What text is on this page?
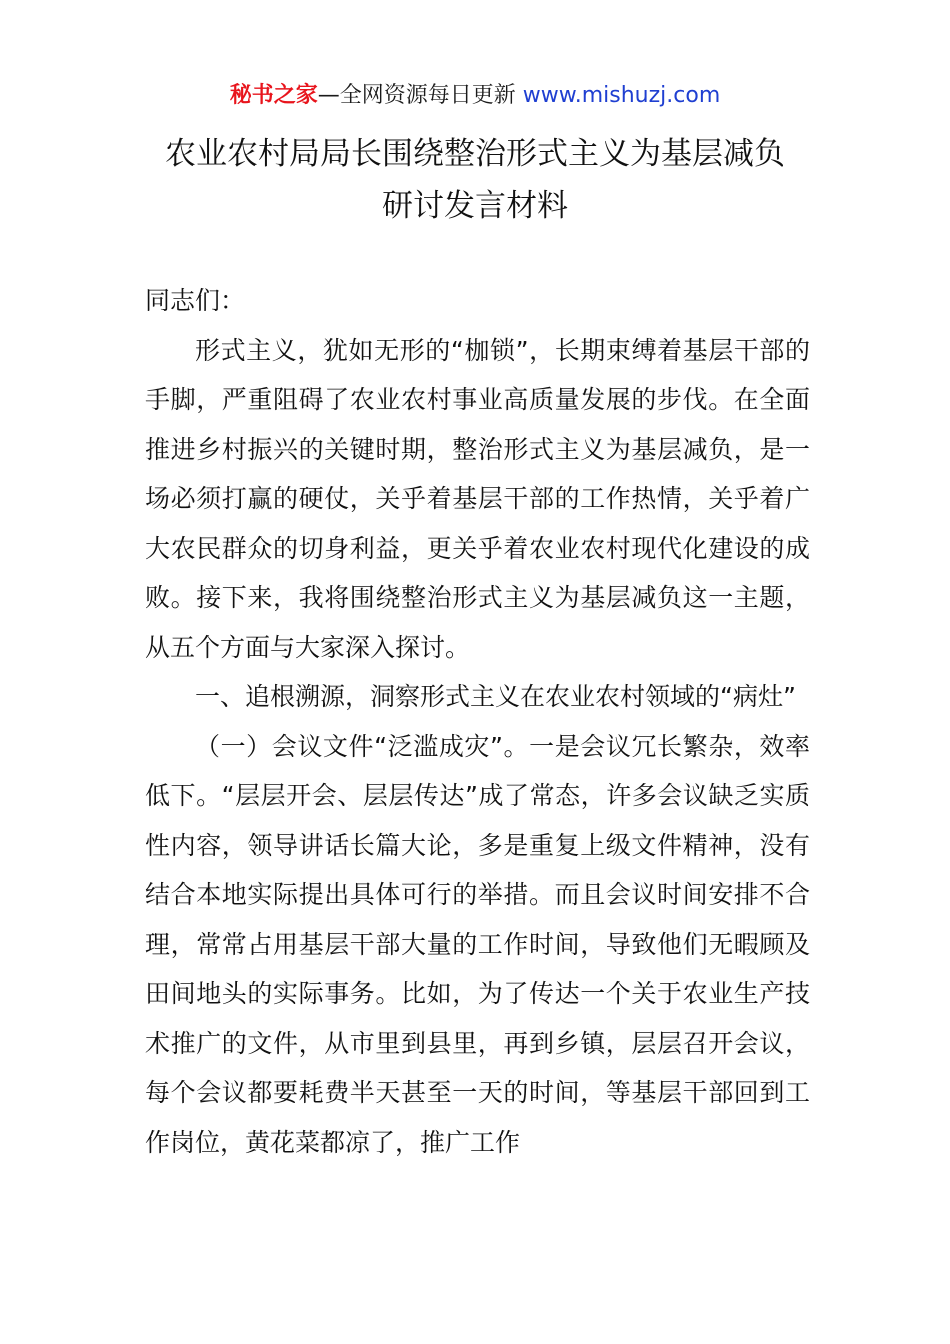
秘书之家—全网资源每日更新 www.mishuzj.com
农业农村局局长围绕整治形式主义为基层减负
研讨发言材料

同志们：

形式主义，犹如无形的“枷锁”，长期束缚着基层干部的手脚，严重阻碍了农业农村事业高质量发展的步伐。在全面推进乡村振兴的关键时期，整治形式主义为基层减负，是一场必须打赢的硬仗，关乎着基层干部的工作热情，关乎着广大农民群众的切身利益，更关乎着农业农村现代化建设的成败。接下来，我将围绕整治形式主义为基层减负这一主题，从五个方面与大家深入探讨。

一、追根溯源，洞察形式主义在农业农村领域的“病灶”

（一）会议文件“泛滥成灾”。一是会议冗长繁杂，效率低下。“层层开会、层层传达”成了常态，许多会议缺乏实质性内容，领导讲话长篇大论，多是重复上级文件精神，没有结合本地实际提出具体可行的举措。而且会议时间安排不合理，常常占用基层干部大量的工作时间，导致他们无暇顾及田间地头的实际事务。比如，为了传达一个关于农业生产技术推广的文件，从市里到县里，再到乡镇，层层召开会议，每个会议都要耗费半天甚至一天的时间，等基层干部回到工作岗位，黄花菜都凉了，推广工作
